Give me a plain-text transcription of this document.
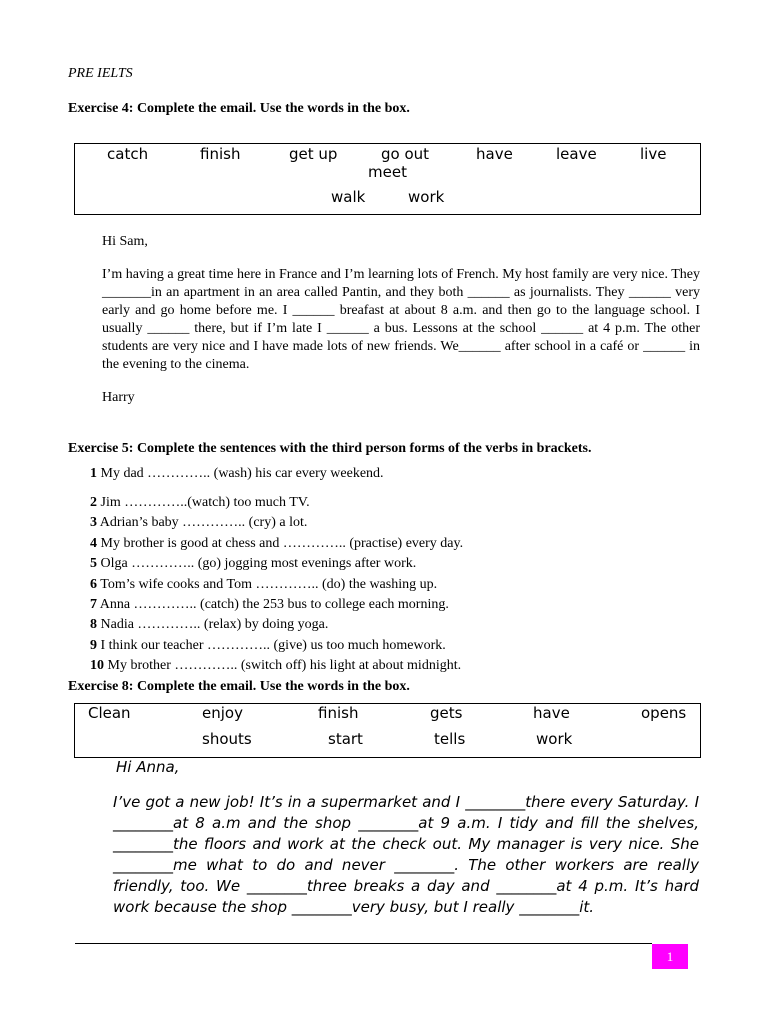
PRE IELTS
Exercise 4: Complete the email. Use the words in the box.
catch	finish	get up	go out	have	leave	live
meet
walk	work
Hi Sam,
I’m having a great time here in France and I’m learning lots of French. My host family are very nice. They _______in an apartment in an area called Pantin, and they both ______ as journalists. They ______ very early and go home before me. I ______ breafast at about 8 a.m. and then go to the language school. I usually ______ there, but if I’m late I ______ a bus. Lessons at the school ______ at 4 p.m. The other students are very nice and I have made lots of new friends. We______ after school in a café or ______ in the evening to the cinema.
Harry
Exercise 5: Complete the sentences with the third person forms of the verbs in brackets.
1 My dad ………….. (wash) his car every weekend.
2 Jim …………..(watch) too much TV.
3 Adrian’s baby ………….. (cry) a lot.
4 My brother is good at chess and ………….. (practise) every day.
5 Olga ………….. (go) jogging most evenings after work.
6 Tom’s wife cooks and Tom ………….. (do) the washing up.
7 Anna ………….. (catch) the 253 bus to college each morning.
8 Nadia ………….. (relax) by doing yoga.
9 I think our teacher ………….. (give) us too much homework.
10 My brother ………….. (switch off) his light at about midnight.
Exercise 8: Complete the email. Use the words in the box.
Clean	enjoy	finish	gets	have	opens
shouts	start	tells	work
Hi Anna,
I’ve got a new job! It’s in a supermarket and I ________there every Saturday. I ________at 8 a.m and the shop ________at 9 a.m. I tidy and fill the shelves, ________the floors and work at the check out. My manager is very nice. She ________me what to do and never ________. The other workers are really friendly, too. We ________three breaks a day and ________at 4 p.m. It’s hard work because the shop ________very busy, but I really ________it.
1
